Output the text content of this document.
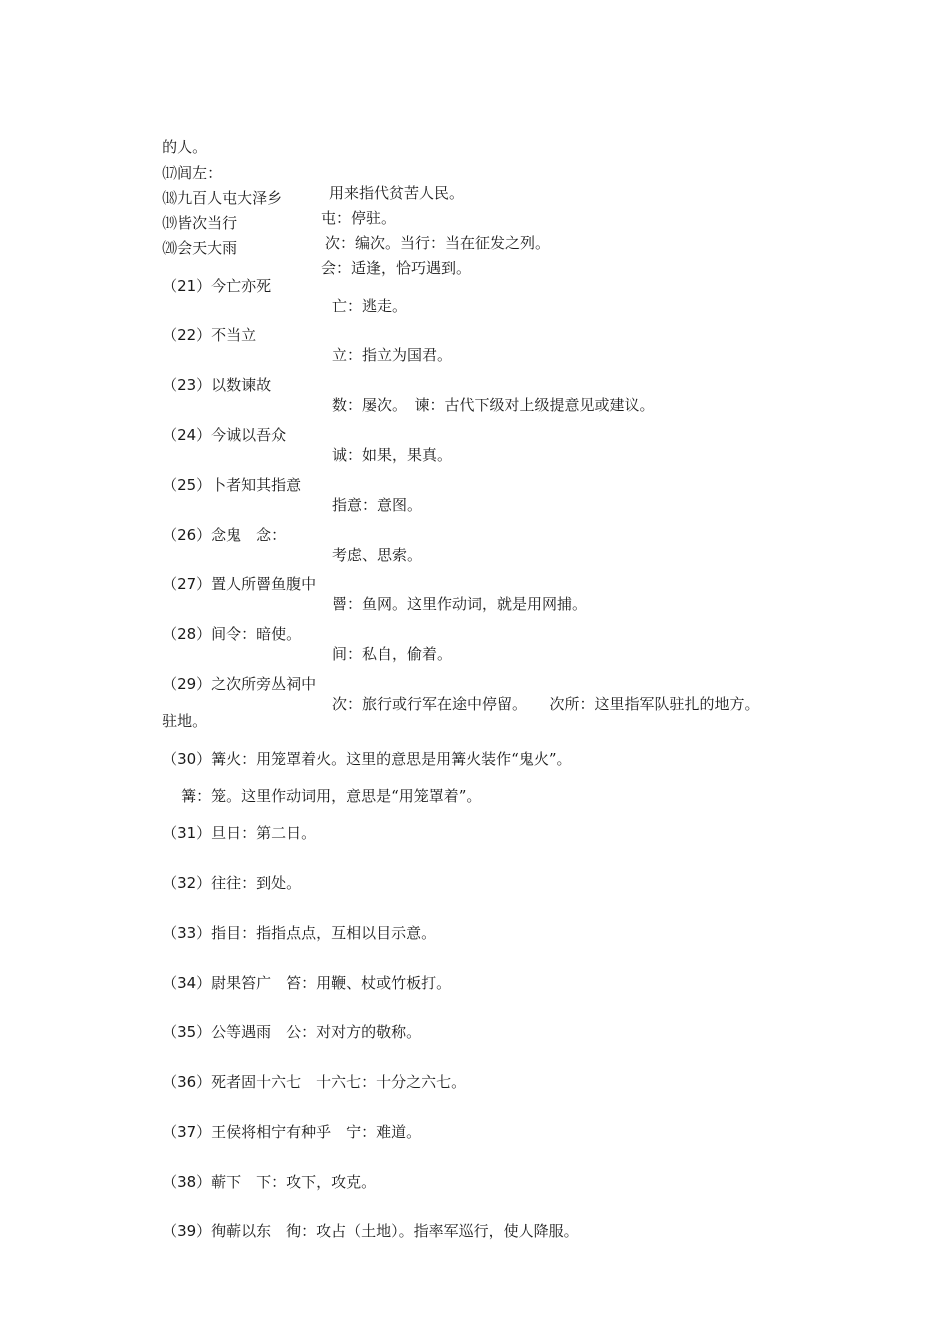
的人。

⒄闾左：

用来指代贫苦人民。

⒅九百人屯大泽乡

屯：停驻。

⒆皆次当行

次：编次。当行：当在征发之列。

⒇会天大雨

会：适逢，恰巧遇到。

（21）今亡亦死

亡：逃走。

（22）不当立

立：指立为国君。

（23）以数谏故

数：屡次。　谏：古代下级对上级提意见或建议。

（24）今诚以吾众

诚：如果，果真。

（25）卜者知其指意

指意：意图。

（26）念鬼　念：

考虑、思索。

（27）置人所罾鱼腹中

罾：鱼网。这里作动词，就是用网捕。

（28）间令：暗使。

间：私自，偷着。

（29）之次所旁丛祠中

次：旅行或行军在途中停留。　　次所：这里指军队驻扎的地方。

驻地。

（30）篝火：用笼罩着火。这里的意思是用篝火装作“鬼火”。

篝：笼。这里作动词用，意思是“用笼罩着”。

（31）旦日：第二日。

（32）往往：到处。

（33）指目：指指点点，互相以目示意。

（34）尉果笞广　笞：用鞭、杖或竹板打。

（35）公等遇雨　公：对对方的敬称。

（36）死者固十六七　十六七：十分之六七。

（37）王侯将相宁有种乎　宁：难道。

（38）蕲下　下：攻下，攻克。

（39）徇蕲以东　徇：攻占（土地）。指率军巡行，使人降服。
